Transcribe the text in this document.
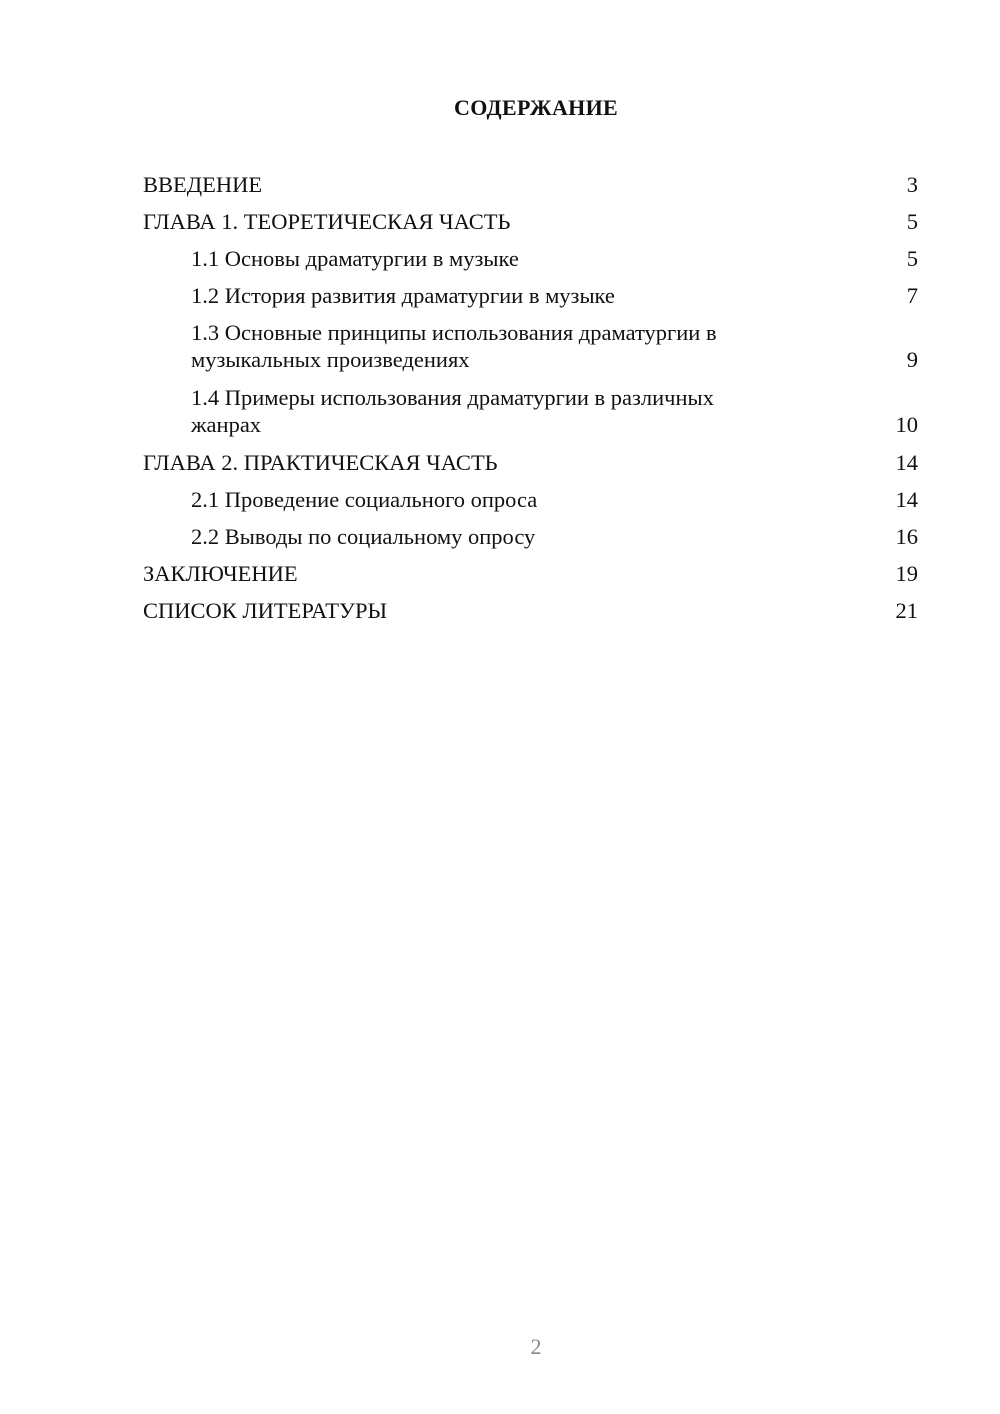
СОДЕРЖАНИЕ
ВВЕДЕНИЕ	3
ГЛАВА 1. ТЕОРЕТИЧЕСКАЯ ЧАСТЬ	5
1.1 Основы драматургии в музыке	5
1.2 История развития драматургии в музыке	7
1.3 Основные принципы использования драматургии в музыкальных произведениях	9
1.4 Примеры использования драматургии в различных жанрах	10
ГЛАВА 2. ПРАКТИЧЕСКАЯ ЧАСТЬ	14
2.1 Проведение социального опроса	14
2.2 Выводы по социальному опросу	16
ЗАКЛЮЧЕНИЕ	19
СПИСОК ЛИТЕРАТУРЫ	21
2
